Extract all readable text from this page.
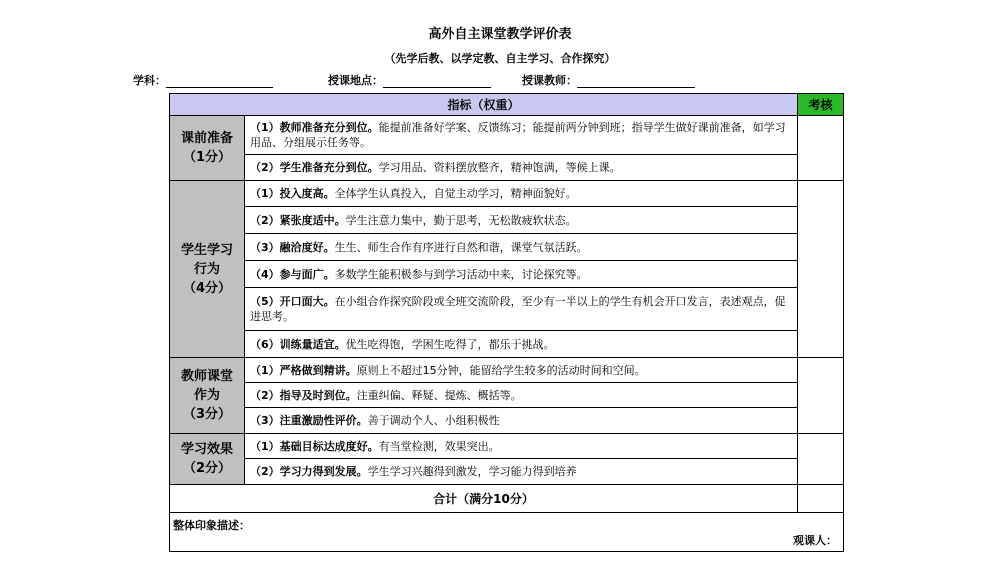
高外自主课堂教学评价表
（先学后教、以学定教、自主学习、合作探究）
学科：	授课地点：	授课教师：
指标（权重）		考核
课前准备
（1分）	（1）教师准备充分到位。能提前准备好学案、反馈练习；能提前两分钟到班；指导学生做好课前准备，如学习用品、分组展示任务等。	
	（2）学生准备充分到位。学习用品、资料摆放整齐，精神饱满，等候上课。	
学生学习
行为
（4分）	（1）投入度高。全体学生认真投入，自觉主动学习，精神面貌好。	
	（2）紧张度适中。学生注意力集中，勤于思考，无松散疲软状态。	
	（3）融洽度好。生生、师生合作有序进行自然和谐，课堂气氛活跃。	
	（4）参与面广。多数学生能积极参与到学习活动中来，讨论探究等。	
	（5）开口面大。在小组合作探究阶段或全班交流阶段，至少有一半以上的学生有机会开口发言，表述观点，促进思考。	
	（6）训练量适宜。优生吃得饱，学困生吃得了，都乐于挑战。	
教师课堂
作为
（3分）	（1）严格做到精讲。原则上不超过15分钟，能留给学生较多的活动时间和空间。	
	（2）指导及时到位。注重纠偏、释疑、提炼、概括等。	
	（3）注重激励性评价。善于调动个人、小组积极性	
学习效果
（2分）	（1）基础目标达成度好。有当堂检测，效果突出。	
	（2）学习力得到发展。学生学习兴趣得到激发，学习能力得到培养	
合计（满分10分）		

整体印象描述：
观课人：		
